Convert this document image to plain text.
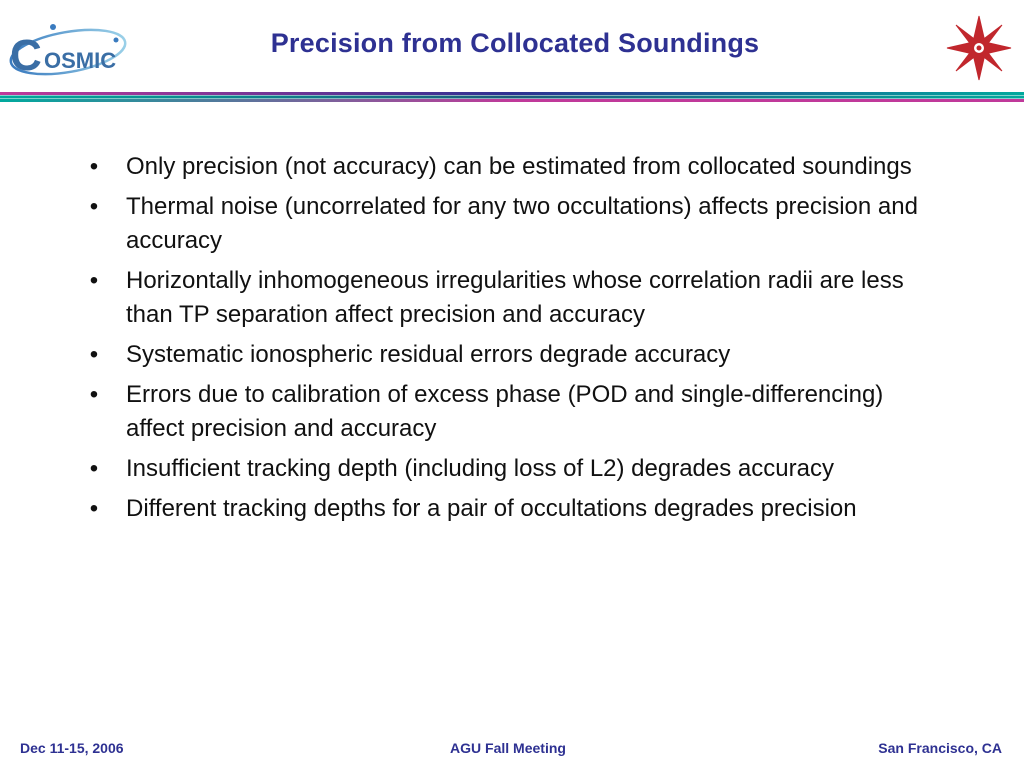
C OSMIC
Precision from Collocated Soundings
• Only precision (not accuracy) can be estimated from collocated soundings
• Thermal noise (uncorrelated for any two occultations) affects precision and accuracy
• Horizontally inhomogeneous irregularities whose correlation radii are less than TP separation affect precision and accuracy
• Systematic ionospheric residual errors degrade accuracy
• Errors due to calibration of excess phase (POD and single-differencing) affect precision and accuracy
• Insufficient tracking depth (including loss of L2) degrades accuracy
• Different tracking depths for a pair of occultations degrades precision
Dec 11-15, 2006	AGU Fall Meeting	San Francisco, CA
